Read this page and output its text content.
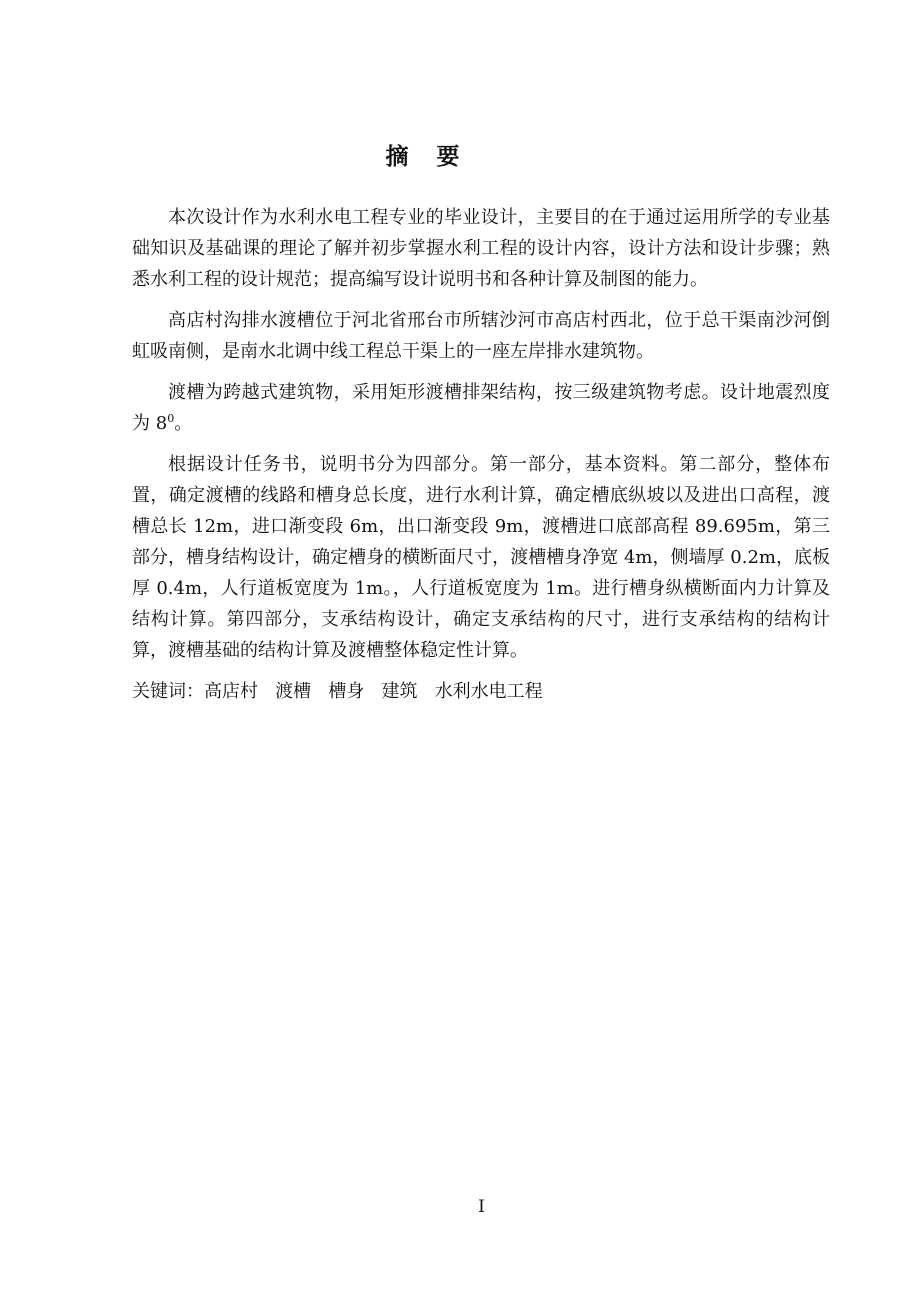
摘 要

本次设计作为水利水电工程专业的毕业设计，主要目的在于通过运用所学的专业基础知识及基础课的理论了解并初步掌握水利工程的设计内容，设计方法和设计步骤；熟悉水利工程的设计规范；提高编写设计说明书和各种计算及制图的能力。

高店村沟排水渡槽位于河北省邢台市所辖沙河市高店村西北，位于总干渠南沙河倒虹吸南侧，是南水北调中线工程总干渠上的一座左岸排水建筑物。

渡槽为跨越式建筑物，采用矩形渡槽排架结构，按三级建筑物考虑。设计地震烈度为 $8^0$。

根据设计任务书，说明书分为四部分。第一部分，基本资料。第二部分，整体布置，确定渡槽的线路和槽身总长度，进行水利计算，确定槽底纵坡以及进出口高程，渡槽总长 12m，进口渐变段 6m，出口渐变段 9m，渡槽进口底部高程 89.695m，第三部分，槽身结构设计，确定槽身的横断面尺寸，渡槽槽身净宽 4m，侧墙厚 0.2m，底板厚 0.4m，人行道板宽度为 1m。，人行道板宽度为 1m。进行槽身纵横断面内力计算及结构计算。第四部分，支承结构设计，确定支承结构的尺寸，进行支承结构的结构计算，渡槽基础的结构计算及渡槽整体稳定性计算。

关键词：高店村 渡槽 槽身 建筑 水利水电工程

I
